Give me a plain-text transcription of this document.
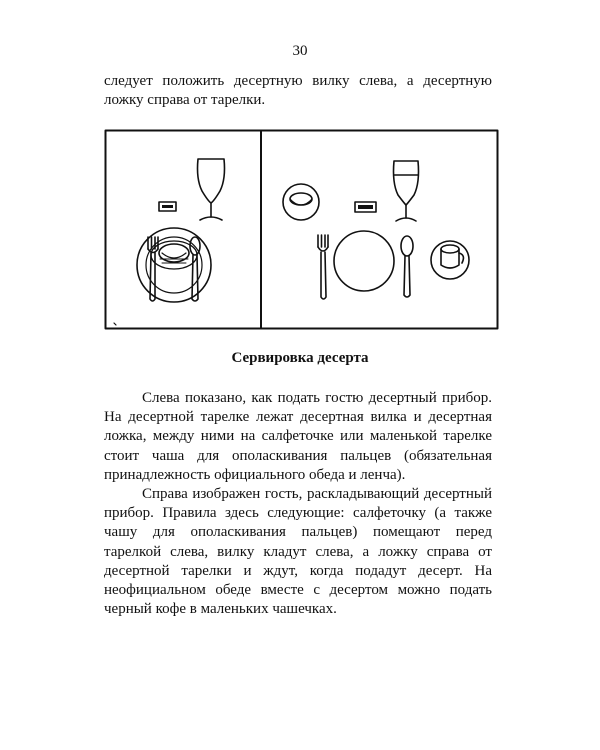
30
следует положить десертную вилку слева, а десертную
ложку справа от тарелки.
Сервировка десерта

Слева показано, как подать гостю десертный прибор. На десертной тарелке лежат десертная вилка и десертная ложка, между ними на салфеточке или маленькой тарелке стоит чаша для ополаскивания пальцев (обязательная принадлежность официального обеда и ленча).

Справа изображен гость, раскладывающий десертный прибор. Правила здесь следующие: салфеточку (а также чашу для ополаскивания пальцев) помещают перед тарелкой слева, вилку кладут слева, а ложку справа от десертной тарелки и ждут, когда подадут десерт. На неофициальном обеде вместе с десертом можно подать черный кофе в маленьких чашечках.
